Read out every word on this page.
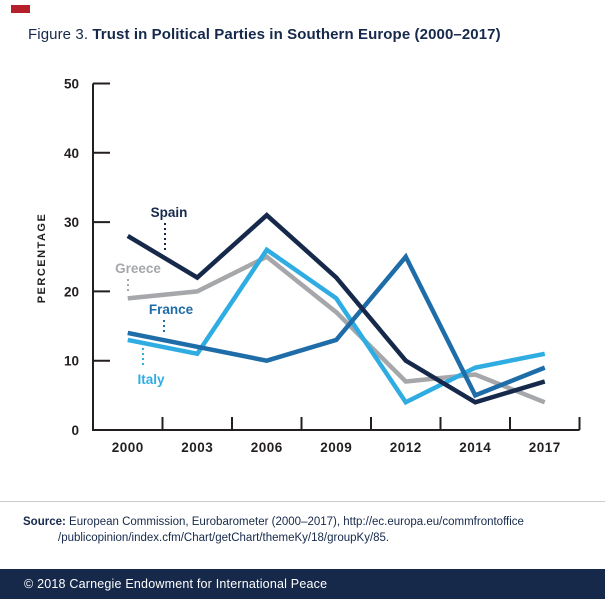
Figure 3. Trust in Political Parties in Southern Europe (2000–2017)
0
10
20
30
40
50
2000	2003	2006	2009	2012	2014	2017
PERCENTAGE	Greece
Italy
France
Spain
Source: European Commission, Eurobarometer (2000–2017), http://ec.europa.eu/commfrontoffice
/publicopinion/index.cfm/Chart/getChart/themeKy/18/groupKy/85.
© 2018 Carnegie Endowment for International Peace
